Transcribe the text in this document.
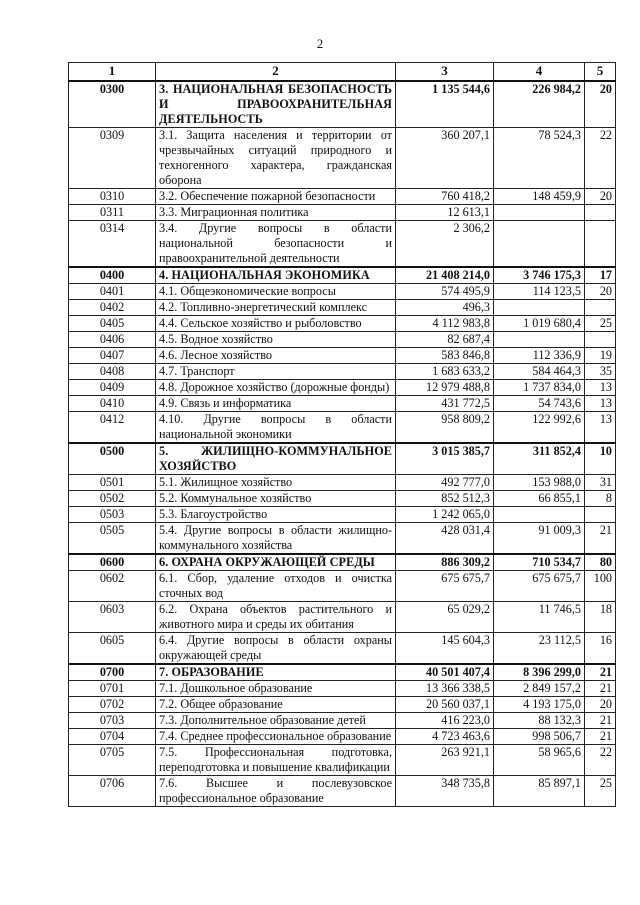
2
1	2	3	4	5
0300	3. НАЦИОНАЛЬНАЯ БЕЗОПАСНОСТЬ И ПРАВООХРАНИТЕЛЬНАЯ ДЕЯТЕЛЬНОСТЬ	1 135 544,6	226 984,2	20
0309	3.1. Защита населения и территории от чрезвычайных ситуаций природного и техногенного характера, гражданская оборона	360 207,1	78 524,3	22
0310	3.2. Обеспечение пожарной безопасности	760 418,2	148 459,9	20
0311	3.3. Миграционная политика	12 613,1		
0314	3.4. Другие вопросы в области национальной безопасности и правоохранительной деятельности	2 306,2		
0400	4. НАЦИОНАЛЬНАЯ ЭКОНОМИКА	21 408 214,0	3 746 175,3	17
0401	4.1. Общеэкономические вопросы	574 495,9	114 123,5	20
0402	4.2. Топливно-энергетический комплекс	496,3		
0405	4.4. Сельское хозяйство и рыболовство	4 112 983,8	1 019 680,4	25
0406	4.5. Водное хозяйство	82 687,4		
0407	4.6. Лесное хозяйство	583 846,8	112 336,9	19
0408	4.7. Транспорт	1 683 633,2	584 464,3	35
0409	4.8. Дорожное хозяйство (дорожные фонды)	12 979 488,8	1 737 834,0	13
0410	4.9. Связь и информатика	431 772,5	54 743,6	13
0412	4.10. Другие вопросы в области национальной экономики	958 809,2	122 992,6	13
0500	5. ЖИЛИЩНО-КОММУНАЛЬНОЕ ХОЗЯЙСТВО	3 015 385,7	311 852,4	10
0501	5.1. Жилищное хозяйство	492 777,0	153 988,0	31
0502	5.2. Коммунальное хозяйство	852 512,3	66 855,1	8
0503	5.3. Благоустройство	1 242 065,0		
0505	5.4. Другие вопросы в области жилищно-коммунального хозяйства	428 031,4	91 009,3	21
0600	6. ОХРАНА ОКРУЖАЮЩЕЙ СРЕДЫ	886 309,2	710 534,7	80
0602	6.1. Сбор, удаление отходов и очистка сточных вод	675 675,7	675 675,7	100
0603	6.2. Охрана объектов растительного и животного мира и среды их обитания	65 029,2	11 746,5	18
0605	6.4. Другие вопросы в области охраны окружающей среды	145 604,3	23 112,5	16
0700	7. ОБРАЗОВАНИЕ	40 501 407,4	8 396 299,0	21
0701	7.1. Дошкольное образование	13 366 338,5	2 849 157,2	21
0702	7.2. Общее образование	20 560 037,1	4 193 175,0	20
0703	7.3. Дополнительное образование детей	416 223,0	88 132,3	21
0704	7.4. Среднее профессиональное образование	4 723 463,6	998 506,7	21
0705	7.5. Профессиональная подготовка, переподготовка и повышение квалификации	263 921,1	58 965,6	22
0706	7.6. Высшее и послевузовское профессиональное образование	348 735,8	85 897,1	25
